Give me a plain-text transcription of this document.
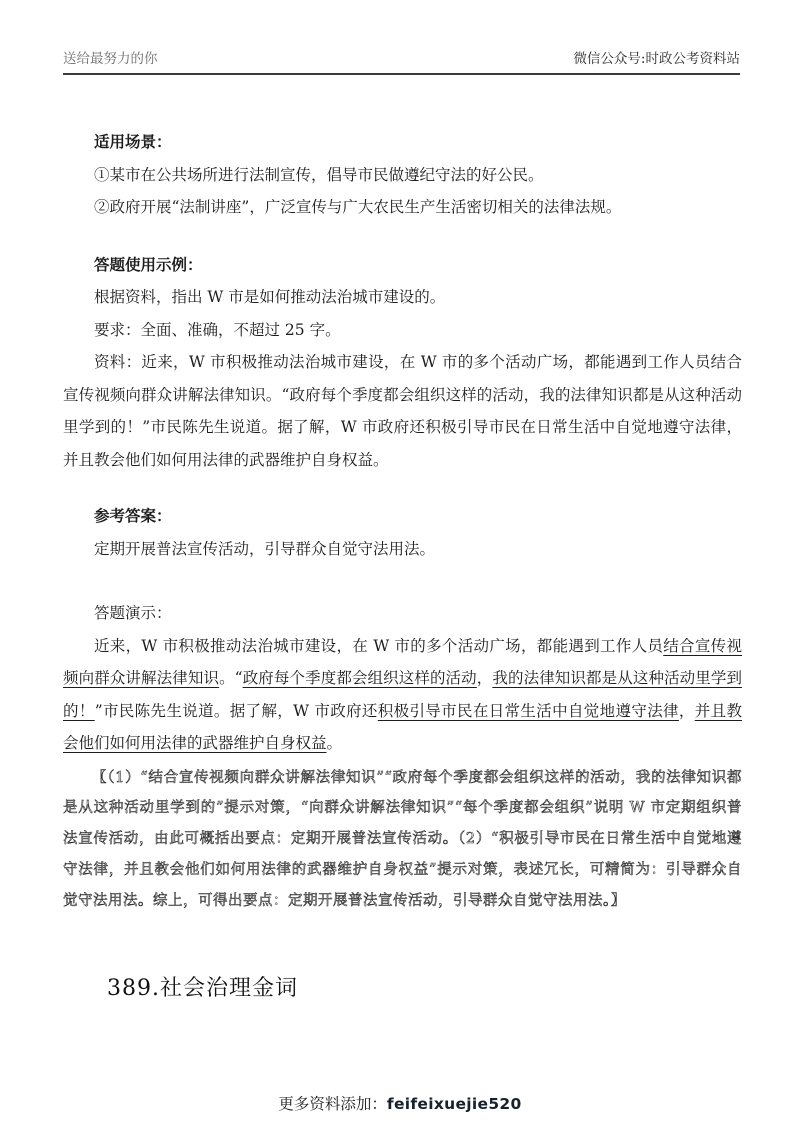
送给最努力的你	微信公众号:时政公考资料站

适用场景：

①某市在公共场所进行法制宣传，倡导市民做遵纪守法的好公民。

②政府开展“法制讲座”，广泛宣传与广大农民生产生活密切相关的法律法规。

答题使用示例：

根据资料，指出 W 市是如何推动法治城市建设的。

要求：全面、准确，不超过 25 字。

资料：近来，W 市积极推动法治城市建设，在 W 市的多个活动广场，都能遇到工作人员结合宣传视频向群众讲解法律知识。“政府每个季度都会组织这样的活动，我的法律知识都是从这种活动里学到的！”市民陈先生说道。据了解，W 市政府还积极引导市民在日常生活中自觉地遵守法律，并且教会他们如何用法律的武器维护自身权益。

参考答案：

定期开展普法宣传活动，引导群众自觉守法用法。

答题演示：

近来，W 市积极推动法治城市建设，在 W 市的多个活动广场，都能遇到工作人员结合宣传视频向群众讲解法律知识。“政府每个季度都会组织这样的活动，我的法律知识都是从这种活动里学到的！”市民陈先生说道。据了解，W 市政府还积极引导市民在日常生活中自觉地遵守法律，并且教会他们如何用法律的武器维护自身权益。

〖（1）“结合宣传视频向群众讲解法律知识”“政府每个季度都会组织这样的活动，我的法律知识都是从这种活动里学到的”提示对策，“向群众讲解法律知识”“每个季度都会组织”说明 W 市定期组织普法宣传活动，由此可概括出要点：定期开展普法宣传活动。（2）“积极引导市民在日常生活中自觉地遵守法律，并且教会他们如何用法律的武器维护自身权益”提示对策，表述冗长，可精简为：引导群众自觉守法用法。综上，可得出要点：定期开展普法宣传活动，引导群众自觉守法用法。〗

389.社会治理金词
更多资料添加：feifeixuejie520
